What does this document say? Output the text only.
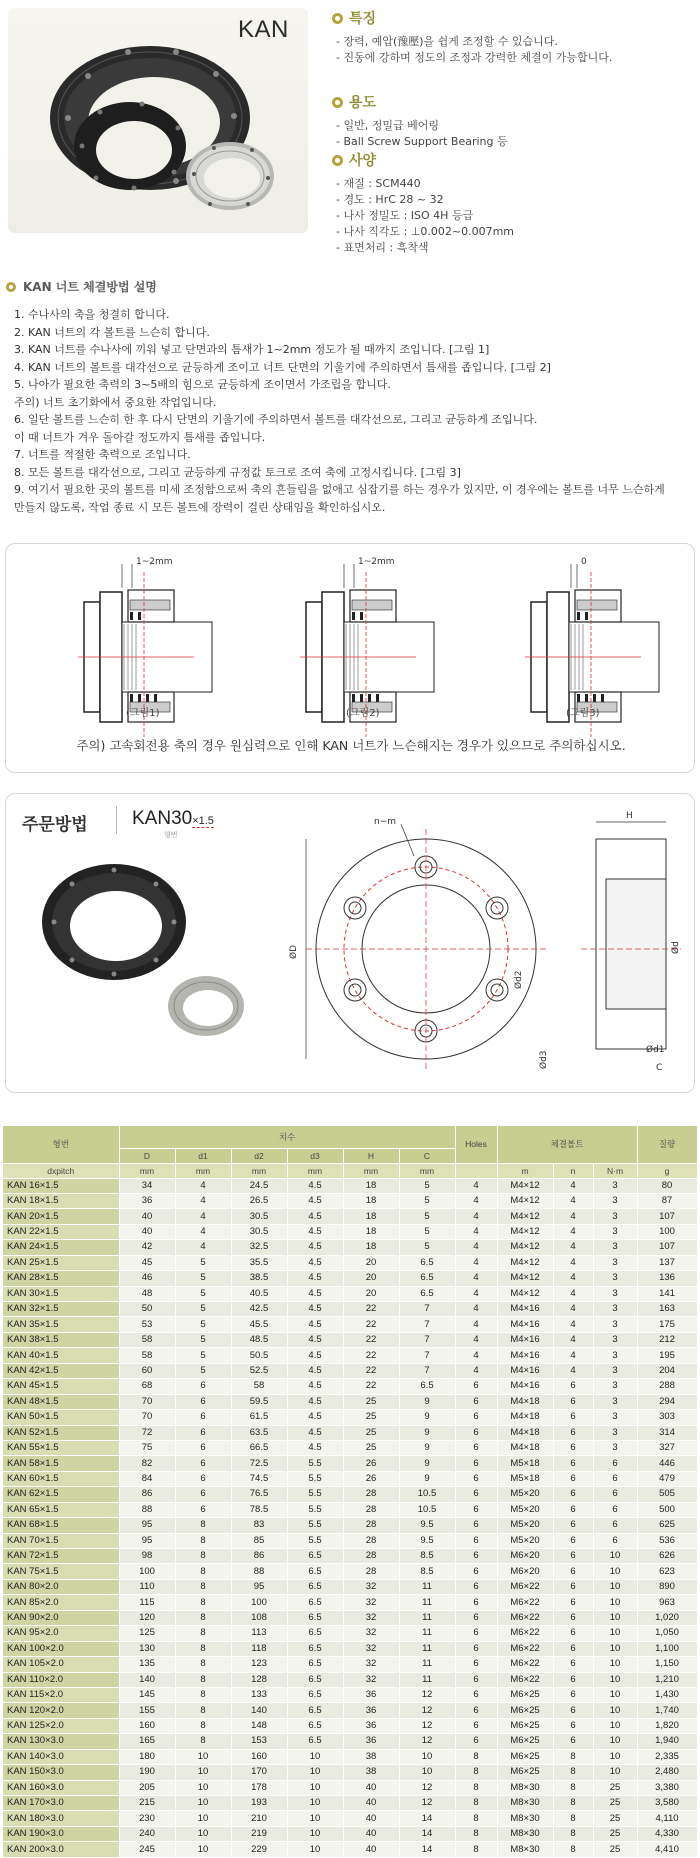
KAN	특징
- 장력, 예압(豫壓)을 쉽게 조정할 수 있습니다.
- 진동에 강하며 정도의 조정과 강력한 체결이 가능합니다.
용도
- 일반, 정밀급 베어링
- Ball Screw Support Bearing 등
사양
- 재질 : SCM440
- 경도 : HrC 28 ~ 32
- 나사 정밀도 : ISO 4H 등급
- 나사 직각도 : ⊥0.002~0.007mm
- 표면처리 : 흑착색
KAN 너트 체결방법 설명
1. 수나사의 축을 청결히 합니다.
2. KAN 너트의 각 볼트를 느슨히 합니다.
3. KAN 너트를 수나사에 끼워 넣고 단면과의 틈새가 1~2mm 정도가 될 때까지 조입니다. [그림 1]
4. KAN 너트의 볼트를 대각선으로 균등하게 조이고 너트 단면의 기울기에 주의하면서 틈새를 좁입니다. [그림 2]
5. 나아가 필요한 축력의 3~5배의 힘으로 균등하게 조이면서 가조립을 합니다.
주의) 너트 초기화에서 중요한 작업입니다.
6. 일단 볼트를 느슨히 한 후 다시 단면의 기울기에 주의하면서 볼트를 대각선으로, 그리고 균등하게 조입니다.
이 때 너트가 겨우 돌아갈 정도까지 틈새를 좁입니다.
7. 너트를 적절한 축력으로 조입니다.
8. 모든 볼트를 대각선으로, 그리고 균등하게 규정값 토크로 조여 축에 고정시킵니다. [그림 3]
9. 여기서 필요한 곳의 볼트를 미세 조정함으로써 축의 흔들림을 없애고 심잡기를 하는 경우가 있지만, 이 경우에는 볼트를 너무 느슨하게
만들지 않도록, 작업 종료 시 모든 볼트에 장력이 걸린 상태임을 확인하십시오.
1~2mm	1~2mm	0
(그림1)	(그림2)	(그림3)
주의) 고속회전용 축의 경우 원심력으로 인해 KAN 너트가 느슨해지는 경우가 있으므로 주의하십시오.
주문방법 KAN30×1.5
형번
n−m
ØD
Ød2
Ød3
H
Ød
Ød1
C
형번	치수						Holes	체결볼트			질량
	D	d1	d2	d3	H	C					
dxpitch	mm	mm	mm	mm	mm	mm		m	n	N·m	g
KAN 16×1.5	34	4	24.5	4.5	18	5	4	M4×12	4	3	80
KAN 18×1.5	36	4	26.5	4.5	18	5	4	M4×12	4	3	87
KAN 20×1.5	40	4	30.5	4.5	18	5	4	M4×12	4	3	107
KAN 22×1.5	40	4	30.5	4.5	18	5	4	M4×12	4	3	100
KAN 24×1.5	42	4	32.5	4.5	18	5	4	M4×12	4	3	107
KAN 25×1.5	45	5	35.5	4.5	20	6.5	4	M4×12	4	3	137
KAN 28×1.5	46	5	38.5	4.5	20	6.5	4	M4×12	4	3	136
KAN 30×1.5	48	5	40.5	4.5	20	6.5	4	M4×12	4	3	141
KAN 32×1.5	50	5	42.5	4.5	22	7	4	M4×16	4	3	163
KAN 35×1.5	53	5	45.5	4.5	22	7	4	M4×16	4	3	175
KAN 38×1.5	58	5	48.5	4.5	22	7	4	M4×16	4	3	212
KAN 40×1.5	58	5	50.5	4.5	22	7	4	M4×16	4	3	195
KAN 42×1.5	60	5	52.5	4.5	22	7	4	M4×16	4	3	204
KAN 45×1.5	68	6	58	4.5	22	6.5	6	M4×16	6	3	288
KAN 48×1.5	70	6	59.5	4.5	25	9	6	M4×18	6	3	294
KAN 50×1.5	70	6	61.5	4.5	25	9	6	M4×18	6	3	303
KAN 52×1.5	72	6	63.5	4.5	25	9	6	M4×18	6	3	314
KAN 55×1.5	75	6	66.5	4.5	25	9	6	M4×18	6	3	327
KAN 58×1.5	82	6	72.5	5.5	26	9	6	M5×18	6	6	446
KAN 60×1.5	84	6	74.5	5.5	26	9	6	M5×18	6	6	479
KAN 62×1.5	86	6	76.5	5.5	28	10.5	6	M5×20	6	6	505
KAN 65×1.5	88	6	78.5	5.5	28	10.5	6	M5×20	6	6	500
KAN 68×1.5	95	8	83	5.5	28	9.5	6	M5×20	6	6	625
KAN 70×1.5	95	8	85	5.5	28	9.5	6	M5×20	6	6	536
KAN 72×1.5	98	8	86	6.5	28	8.5	6	M6×20	6	10	626
KAN 75×1.5	100	8	88	6.5	28	8.5	6	M6×20	6	10	623
KAN 80×2.0	110	8	95	6.5	32	11	6	M6×22	6	10	890
KAN 85×2.0	115	8	100	6.5	32	11	6	M6×22	6	10	963
KAN 90×2.0	120	8	108	6.5	32	11	6	M6×22	6	10	1,020
KAN 95×2.0	125	8	113	6.5	32	11	6	M6×22	6	10	1,050
KAN 100×2.0	130	8	118	6.5	32	11	6	M6×22	6	10	1,100
KAN 105×2.0	135	8	123	6.5	32	11	6	M6×22	6	10	1,150
KAN 110×2.0	140	8	128	6.5	32	11	6	M6×22	6	10	1,210
KAN 115×2.0	145	8	133	6.5	36	12	6	M6×25	6	10	1,430
KAN 120×2.0	155	8	140	6.5	36	12	6	M6×25	6	10	1,740
KAN 125×2.0	160	8	148	6.5	36	12	6	M6×25	6	10	1,820
KAN 130×3.0	165	8	153	6.5	36	12	6	M6×25	6	10	1,940
KAN 140×3.0	180	10	160	10	38	10	8	M6×25	8	10	2,335
KAN 150×3.0	190	10	170	10	38	10	8	M6×25	8	10	2,480
KAN 160×3.0	205	10	178	10	40	12	8	M8×30	8	25	3,380
KAN 170×3.0	215	10	193	10	40	12	8	M8×30	8	25	3,580
KAN 180×3.0	230	10	210	10	40	14	8	M8×30	8	25	4,110
KAN 190×3.0	240	10	219	10	40	14	8	M8×30	8	25	4,330
KAN 200×3.0	245	10	229	10	40	14	8	M8×30	8	25	4,410
